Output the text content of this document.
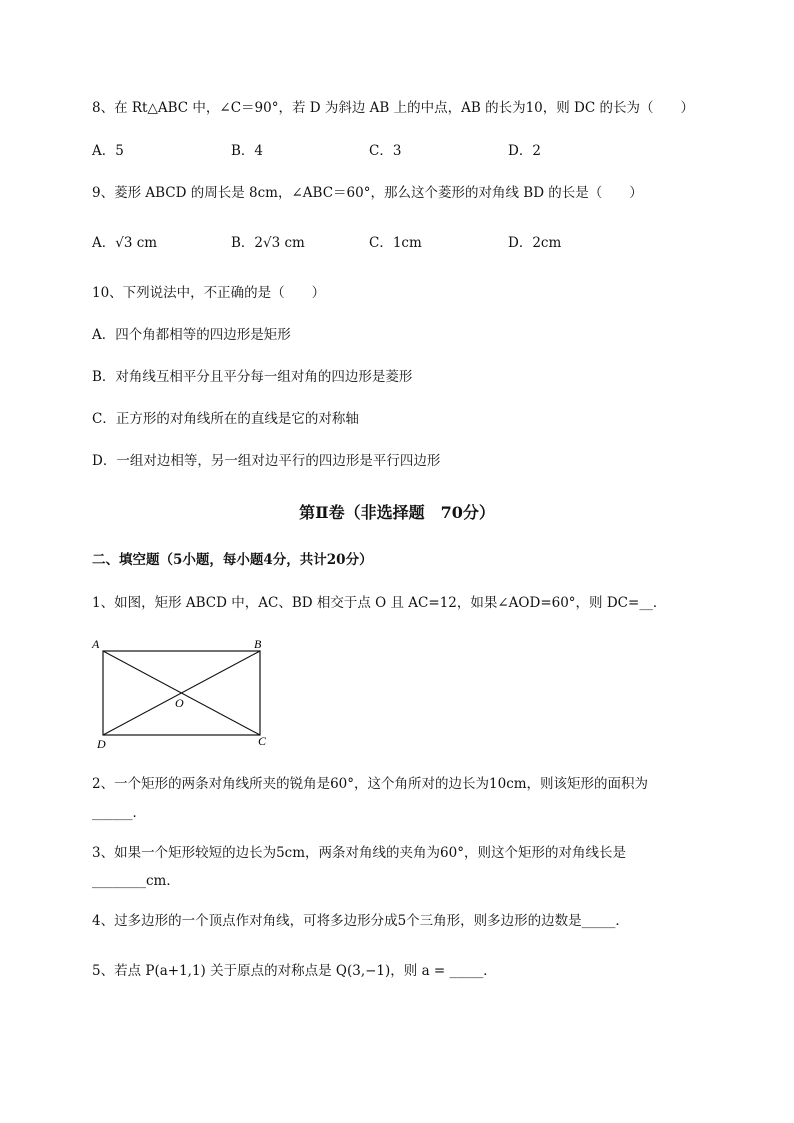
8、在 Rt△ABC 中，∠C＝90°，若 D 为斜边 AB 上的中点，AB 的长为10，则 DC 的长为（　　）
A．5	B．4	C．3	D．2
9、菱形 ABCD 的周长是 8cm，∠ABC＝60°，那么这个菱形的对角线 BD 的长是（　　）
A．√3 cm	B．2√3 cm	C．1cm	D．2cm
10、下列说法中，不正确的是（　　）
A．四个角都相等的四边形是矩形
B．对角线互相平分且平分每一组对角的四边形是菱形
C．正方形的对角线所在的直线是它的对称轴
D．一组对边相等，另一组对边平行的四边形是平行四边形
第Ⅱ卷（非选择题　70分）
二、填空题（5小题，每小题4分，共计20分）
1、如图，矩形 ABCD 中，AC、BD 相交于点 O 且 AC=12，如果∠AOD=60°，则 DC=__．
A	B
O
D	C
2、一个矩形的两条对角线所夹的锐角是60°，这个角所对的边长为10cm，则该矩形的面积为
______．
3、如果一个矩形较短的边长为5cm，两条对角线的夹角为60°，则这个矩形的对角线长是
________cm．
4、过多边形的一个顶点作对角线，可将多边形分成5个三角形，则多边形的边数是_____．
5、若点 P(a+1,1) 关于原点的对称点是 Q(3,−1)，则 a = _____．
